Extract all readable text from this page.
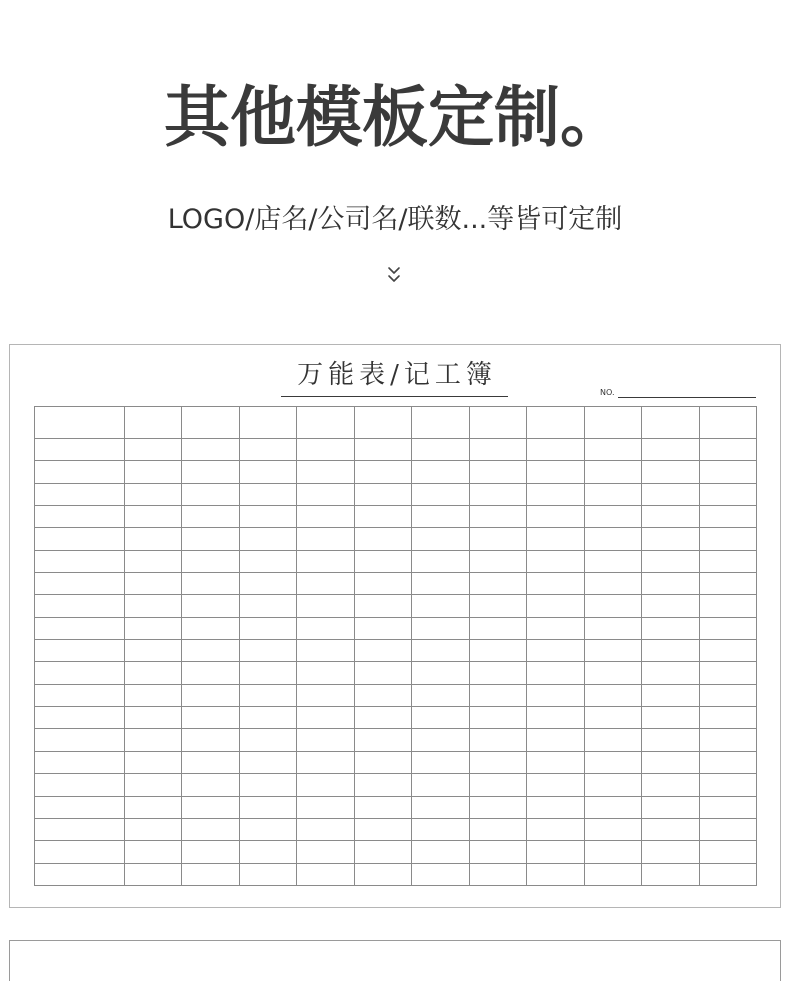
其他模板定制。
LOGO/店名/公司名/联数...等皆可定制
万能表/记工簿
NO.
